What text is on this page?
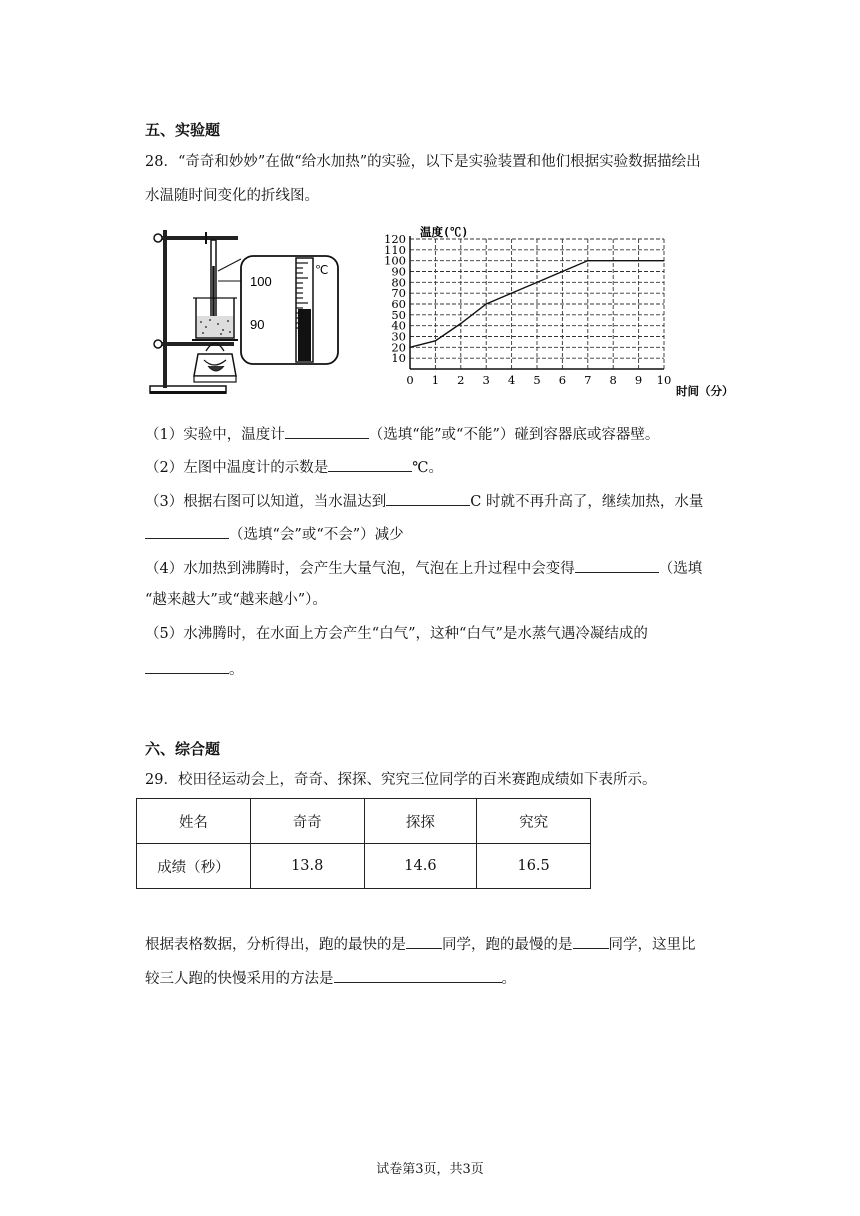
五、实验题
28．“奇奇和妙妙”在做“给水加热”的实验，以下是实验装置和他们根据实验数据描绘出
水温随时间变化的折线图。
100
90
℃
0 1 2 3 4 5 6 7 8 9 10
10
20
30
40
50
60
70
80
90
100
110
120 温度(℃)
时间（分）
（1）实验中，温度计	（选填“能”或“不能”）碰到容器底或容器壁。
（2）左图中温度计的示数是	℃。
（3）根据右图可以知道，当水温达到	C 时就不再升高了，继续加热，水量
（选填“会”或“不会”）减少
（4）水加热到沸腾时，会产生大量气泡，气泡在上升过程中会变得	（选填
“越来越大”或“越来越小”）。
（5）水沸腾时，在水面上方会产生“白气”，这种“白气”是水蒸气遇冷凝结成的
。
六、综合题
29．校田径运动会上，奇奇、探探、究究三位同学的百米赛跑成绩如下表所示。
姓名	奇奇	探探	究究
成绩（秒）	13.8	14.6	16.5
根据表格数据，分析得出，跑的最快的是 同学，跑的最慢的是 同学，这里比
较三人跑的快慢采用的方法是	。
试卷第3页，共3页
